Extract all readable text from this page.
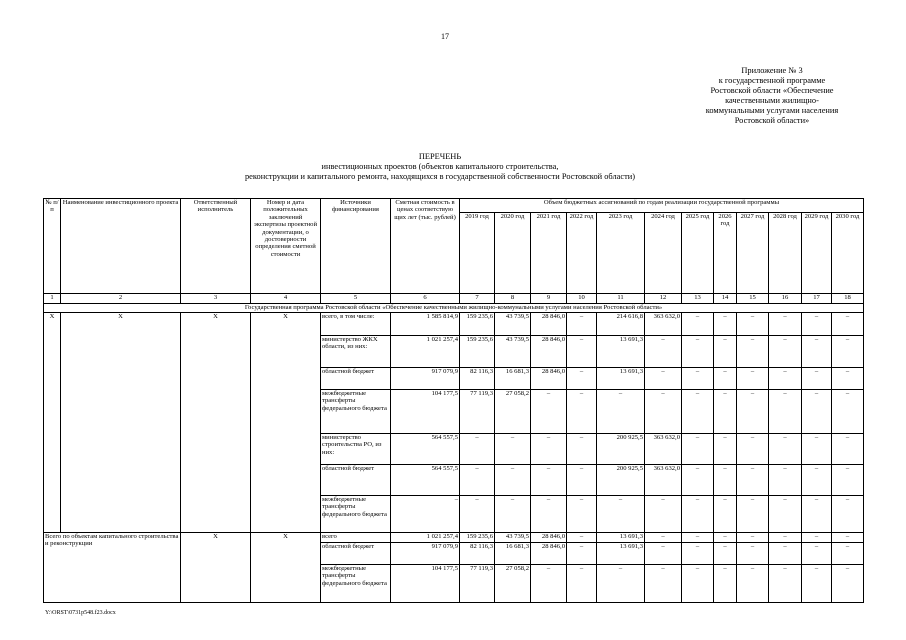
17
Приложение № 3
к государственной программе
Ростовской области «Обеспечение
качественными жилищно-
коммунальными услугами населения
Ростовской области»
ПЕРЕЧЕНЬ
инвестиционных проектов (объектов капитального строительства,
реконструкции и капитального ремонта, находящихся в государственной собственности Ростовской области)
№ п/п	Наименование инвестиционного проекта	Ответственный исполнитель	Номер и дата положительных заключений экспертизы проектной документации, о достоверности определения сметной стоимости	Источники финансирования	Сметная стоимость в ценах соответствую щих лет (тыс. рублей)	Объем бюджетных ассигнований по годам реализации государственной программы											
						2019 год	2020 год	2021 год	2022 год	2023 год	2024 год	2025 год	2026 год	2027 год	2028 год	2029 год	2030 год
1	2	3	4	5	6	7	8	9	10	11	12	13	14	15	16	17	18
Государственная программа Ростовской области «Обеспечение качественными жилищно-коммунальными услугами населения Ростовской области»																	
X	X	X	X	всего, в том числе:	1 585 814,9	159 235,6	43 739,5	28 846,0	–	214 616,8	363 632,0	–	–	–	–	–	–
				министерство ЖКХ области, из них:	1 021 257,4	159 235,6	43 739,5	28 846,0	–	13 691,3	–	–	–	–	–	–	–
				областной бюджет	917 079,9	82 116,3	16 681,3	28 846,0	–	13 691,3	–	–	–	–	–	–	–
				межбюджетные трансферты федерального бюджета	104 177,5	77 119,3	27 058,2	–	–	–	–	–	–	–	–	–	–
				министерство строительства РО, из них:	564 557,5	–	–	–	–	200 925,5	363 632,0	–	–	–	–	–	–
				областной бюджет	564 557,5	–	–	–	–	200 925,5	363 632,0	–	–	–	–	–	–
				межбюджетные трансферты федерального бюджета	–	–	–	–	–	–	–	–	–	–	–	–	–
Всего по объектам капитального строительства и реконструкции		X	X	всего	1 021 257,4	159 235,6	43 739,5	28 846,0	–	13 691,3	–	–	–	–	–	–	–
				областной бюджет	917 079,9	82 116,3	16 681,3	28 846,0	–	13 691,3	–	–	–	–	–	–	–
				межбюджетные трансферты федерального бюджета	104 177,5	77 119,3	27 058,2	–	–	–	–	–	–	–	–	–	–
Y:\ORST\0731p548.f23.docx
